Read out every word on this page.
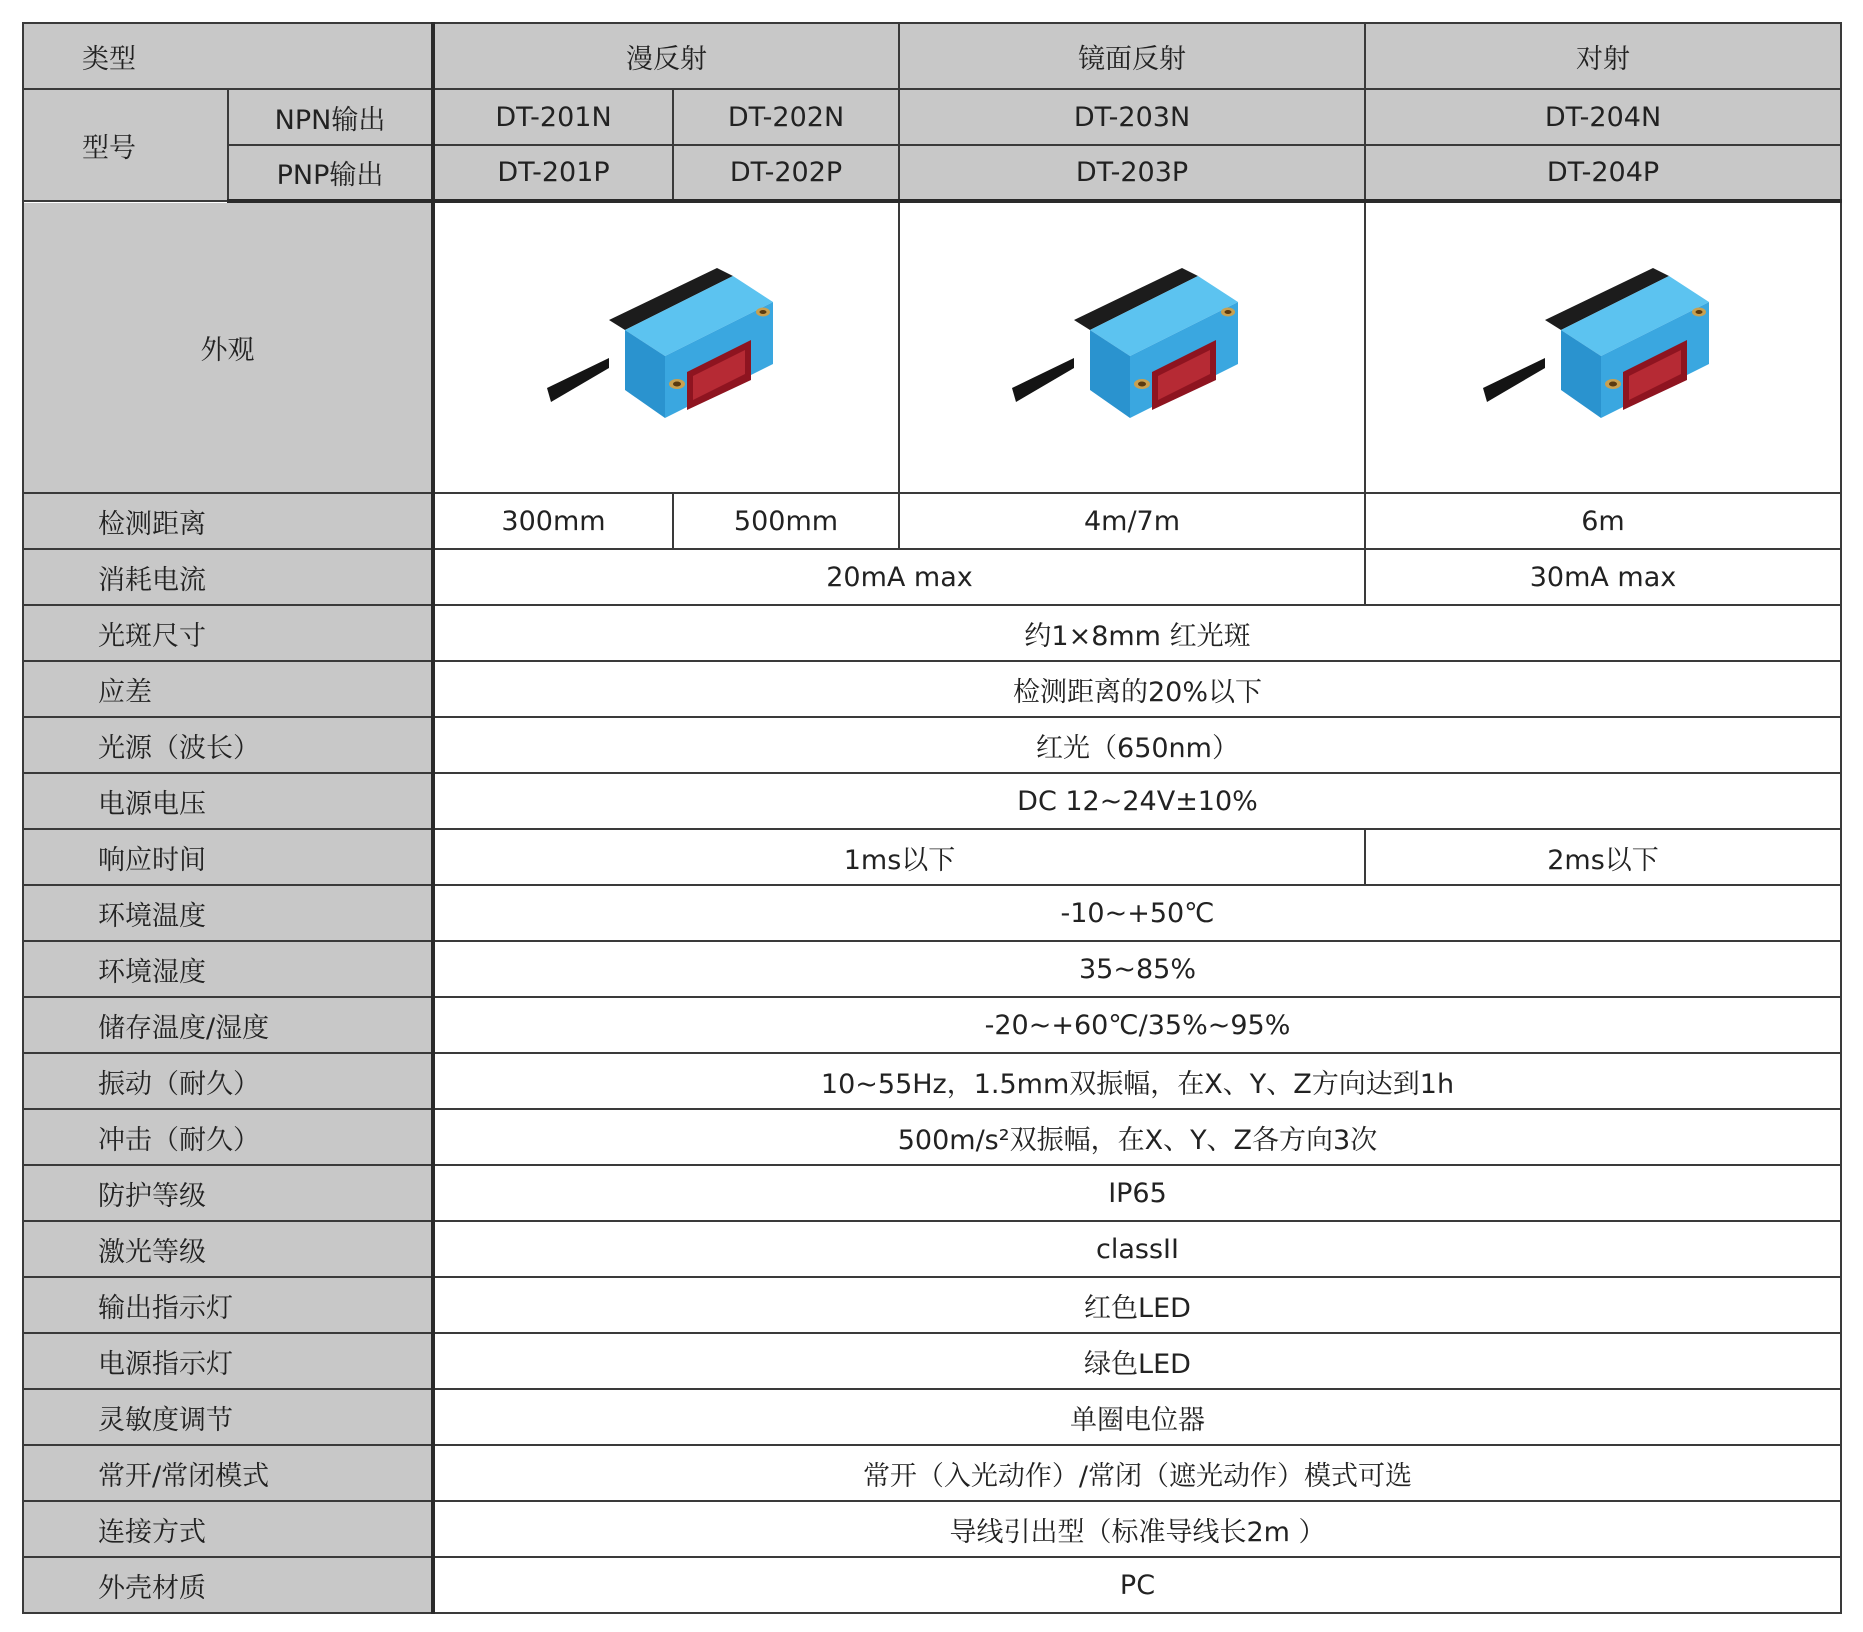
类型		漫反射		镜面反射	对射
型号	NPN输出	DT-201N	DT-202N	DT-203N	DT-204N
	PNP输出	DT-201P	DT-202P	DT-203P	DT-204P
外观	

检测距离		300mm	500mm	4m/7m	6m
消耗电流		20mA max			30mA max
光斑尺寸		约1×8mm 红光斑			
应差		检测距离的20%以下			
光源（波长）		红光（650nm）			
电源电压		DC 12~24V±10%			
响应时间		1ms以下			2ms以下
环境温度		-10~+50℃			
环境湿度		35~85%			
储存温度/湿度		-20~+60℃/35%~95%			
振动（耐久）		10~55Hz，1.5mm双振幅，在X、Y、Z方向达到1h			
冲击（耐久）		500m/s²双振幅，在X、Y、Z各方向3次			
防护等级		IP65			
激光等级		classII			
输出指示灯		红色LED			
电源指示灯		绿色LED			
灵敏度调节		单圈电位器			
常开/常闭模式		常开（入光动作）/常闭（遮光动作）模式可选			
连接方式		导线引出型（标准导线长2m ）			
外壳材质		PC			
